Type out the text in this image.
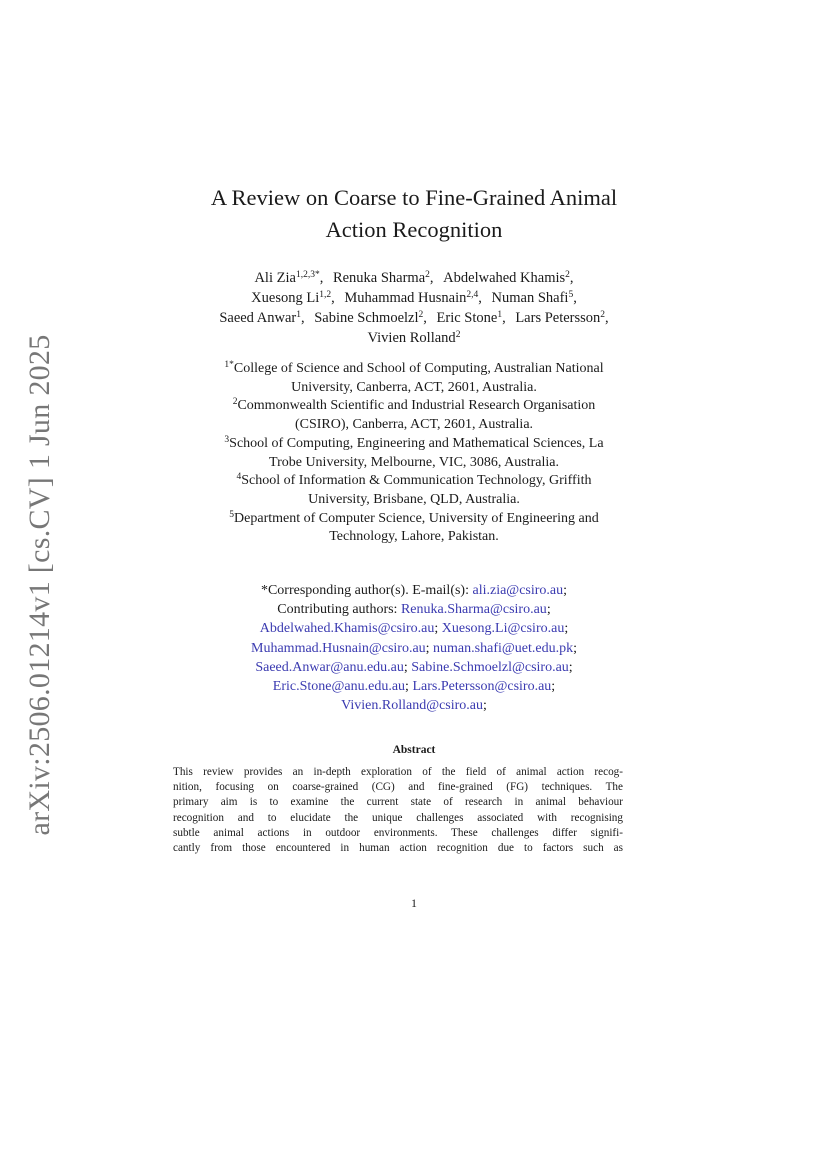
arXiv:2506.01214v1 [cs.CV] 1 Jun 2025
A Review on Coarse to Fine-Grained Animal
Action Recognition
Ali Zia$^{1,2,3*}$, Renuka Sharma$^2$, Abdelwahed Khamis$^2$,
Xuesong Li$^{1,2}$, Muhammad Husnain$^{2,4}$, Numan Shafi$^5$,
Saeed Anwar$^1$, Sabine Schmoelzl$^2$, Eric Stone$^1$, Lars Petersson$^2$,
Vivien Rolland$^2$
$^{1*}$College of Science and School of Computing, Australian National
University, Canberra, ACT, 2601, Australia.
$^2$Commonwealth Scientific and Industrial Research Organisation
(CSIRO), Canberra, ACT, 2601, Australia.
$^3$School of Computing, Engineering and Mathematical Sciences, La
Trobe University, Melbourne, VIC, 3086, Australia.
$^4$School of Information & Communication Technology, Griffith
University, Brisbane, QLD, Australia.
$^5$Department of Computer Science, University of Engineering and
Technology, Lahore, Pakistan.
*Corresponding author(s). E-mail(s): ali.zia@csiro.au;
Contributing authors: Renuka.Sharma@csiro.au;
Abdelwahed.Khamis@csiro.au; Xuesong.Li@csiro.au;
Muhammad.Husnain@csiro.au; numan.shafi@uet.edu.pk;
Saeed.Anwar@anu.edu.au; Sabine.Schmoelzl@csiro.au;
Eric.Stone@anu.edu.au; Lars.Petersson@csiro.au;
Vivien.Rolland@csiro.au;
Abstract
This review provides an in-depth exploration of the field of animal action recog-
nition, focusing on coarse-grained (CG) and fine-grained (FG) techniques. The
primary aim is to examine the current state of research in animal behaviour
recognition and to elucidate the unique challenges associated with recognising
subtle animal actions in outdoor environments. These challenges differ signifi-
cantly from those encountered in human action recognition due to factors such as
1
